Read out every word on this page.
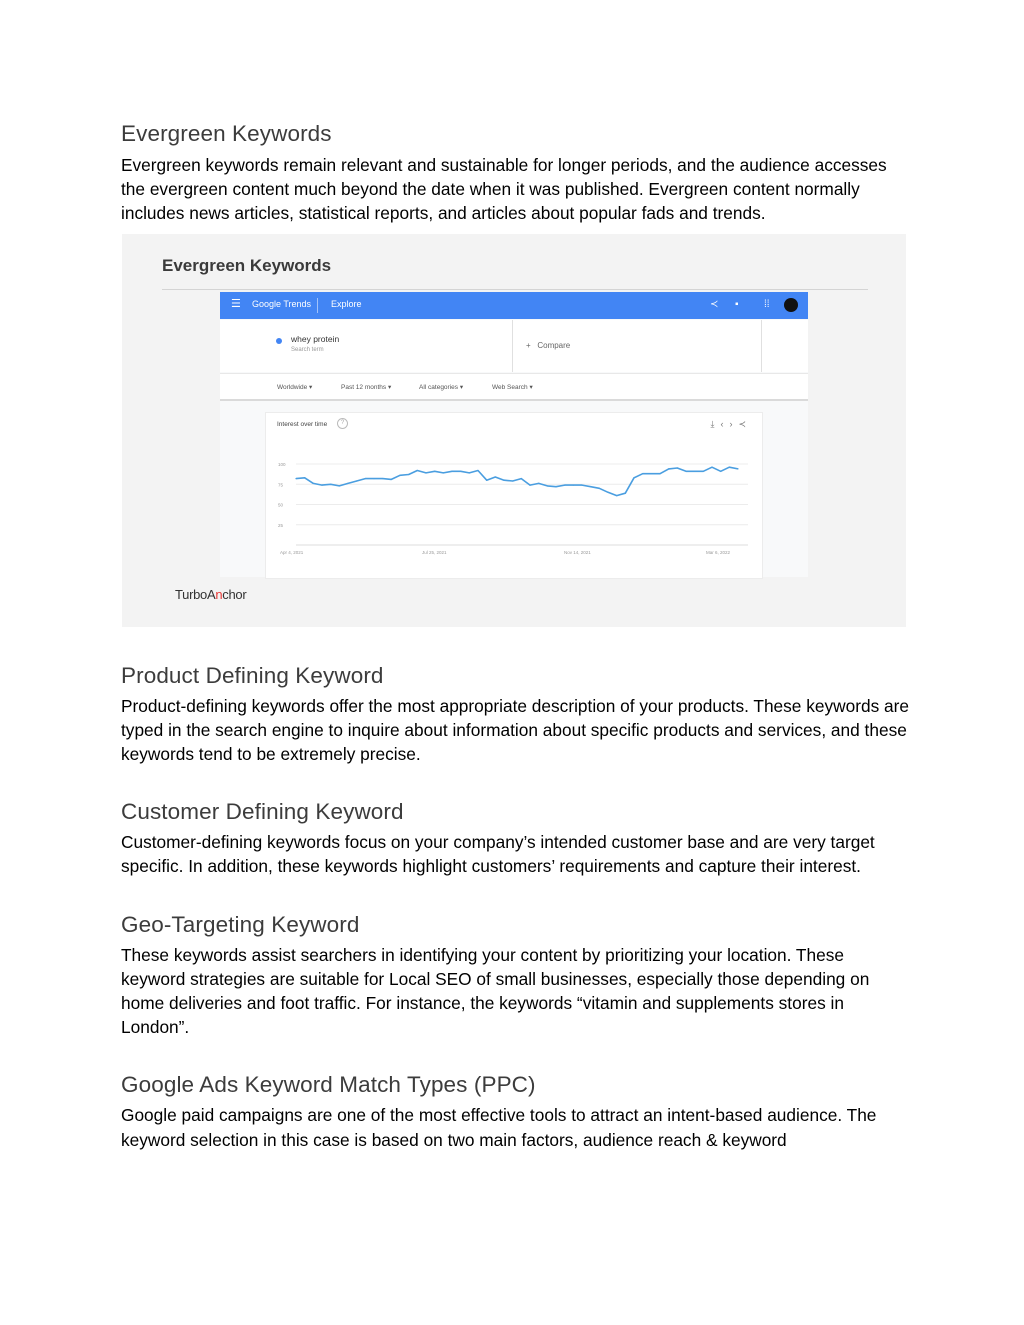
Evergreen Keywords

Evergreen keywords remain relevant and sustainable for longer periods, and the audience accesses the evergreen content much beyond the date when it was published. Evergreen content normally includes news articles, statistical reports, and articles about popular fads and trends.

Evergreen Keywords
☰ Google Trends Explore	≺ ▪	⁞⁞
whey protein
Search term	+   Compare
Worldwide ▾	Past 12 months ▾	All categories ▾	Web Search ▾
100
75
50
25
Apr 4, 2021	Jul 25, 2021	Nov 14, 2021	Mar 6, 2022
Interest over time	?	⤓‹›≺
TurboAnchor
Product Defining Keyword

Product-defining keywords offer the most appropriate description of your products. These keywords are typed in the search engine to inquire about information about specific products and services, and these keywords tend to be extremely precise.

Customer Defining Keyword

Customer-defining keywords focus on your company’s intended customer base and are very target specific. In addition, these keywords highlight customers’ requirements and capture their interest.

Geo-Targeting Keyword

These keywords assist searchers in identifying your content by prioritizing your location. These keyword strategies are suitable for Local SEO of small businesses, especially those depending on home deliveries and foot traffic. For instance, the keywords “vitamin and supplements stores in London”.

Google Ads Keyword Match Types (PPC)

Google paid campaigns are one of the most effective tools to attract an intent-based audience. The keyword selection in this case is based on two main factors, audience reach & keyword
